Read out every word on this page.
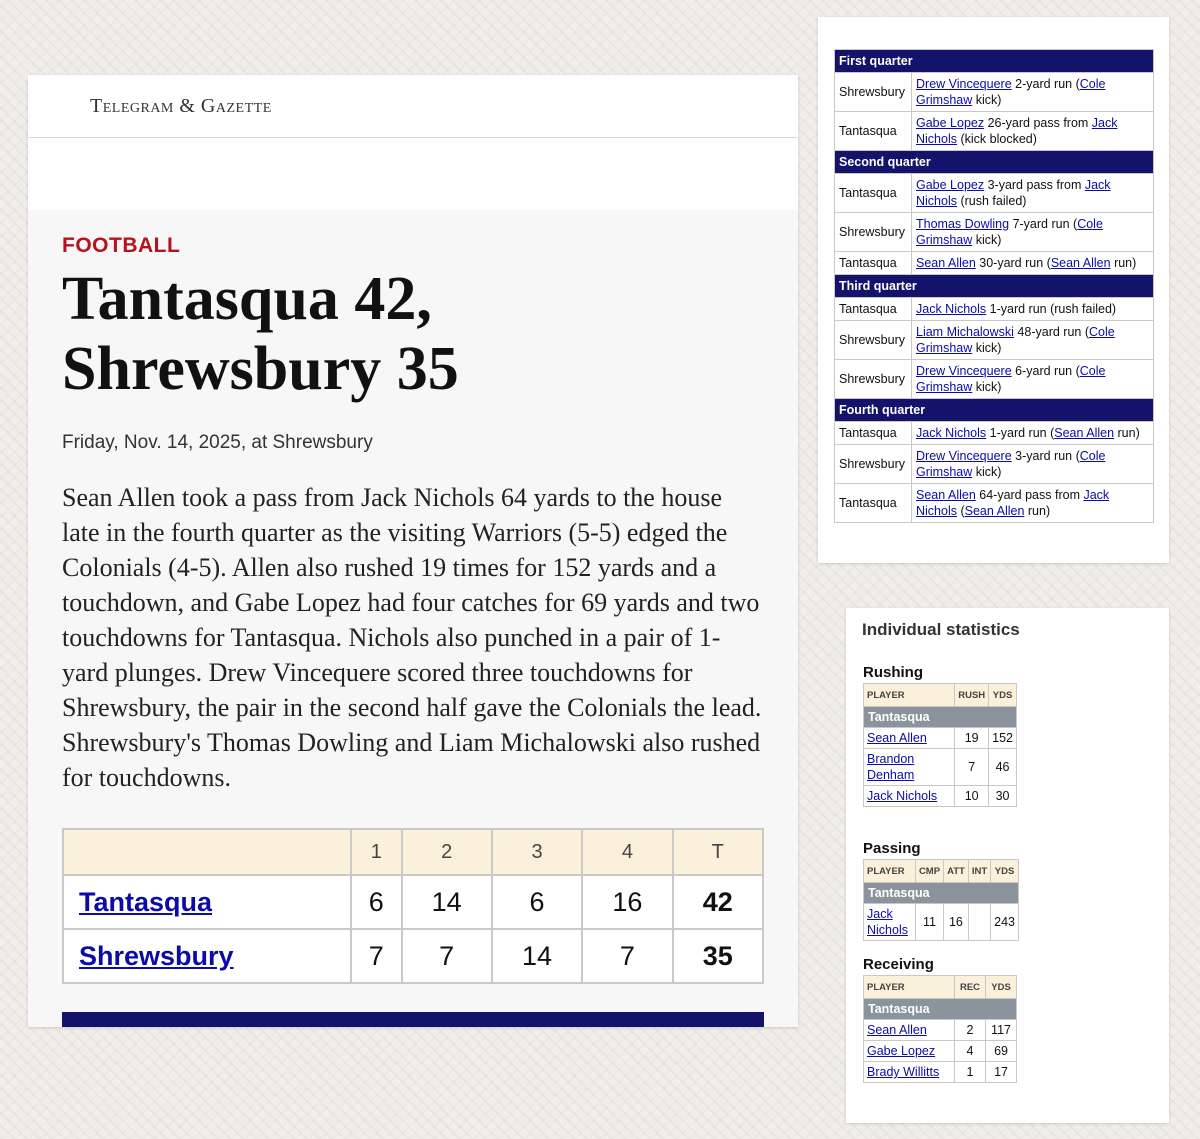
Telegram & Gazette
FOOTBALL
Tantasqua 42,
Shrewsbury 35
Friday, Nov. 14, 2025, at Shrewsbury
Sean Allen took a pass from Jack Nichols 64 yards to the house late in the fourth quarter as the visiting Warriors (5-5) edged the Colonials (4-5). Allen also rushed 19 times for 152 yards and a touchdown, and Gabe Lopez had four catches for 69 yards and two touchdowns for Tantasqua. Nichols also punched in a pair of 1-yard plunges. Drew Vincequere scored three touchdowns for Shrewsbury, the pair in the second half gave the Colonials the lead. Shrewsbury's Thomas Dowling and Liam Michalowski also rushed for touchdowns.
	1	2	3	4	T
Tantasqua	6	14	6	16	42
Shrewsbury	7	7	14	7	35
First quarter	
Shrewsbury	Drew Vincequere 2-yard run (Cole Grimshaw kick)
Tantasqua	Gabe Lopez 26-yard pass from Jack Nichols (kick blocked)
Second quarter	
Tantasqua	Gabe Lopez 3-yard pass from Jack Nichols (rush failed)
Shrewsbury	Thomas Dowling 7-yard run (Cole Grimshaw kick)
Tantasqua	Sean Allen 30-yard run (Sean Allen run)
Third quarter	
Tantasqua	Jack Nichols 1-yard run (rush failed)
Shrewsbury	Liam Michalowski 48-yard run (Cole Grimshaw kick)
Shrewsbury	Drew Vincequere 6-yard run (Cole Grimshaw kick)
Fourth quarter	
Tantasqua	Jack Nichols 1-yard run (Sean Allen run)
Shrewsbury	Drew Vincequere 3-yard run (Cole Grimshaw kick)
Tantasqua	Sean Allen 64-yard pass from Jack Nichols (Sean Allen run)
Individual statistics
Rushing
PLAYER	RUSH	YDS
Tantasqua		
Sean Allen	19	152
Brandon Denham	7	46
Jack Nichols	10	30
Passing
PLAYER	CMP	ATT	INT	YDS
Tantasqua				
Jack Nichols	11	16		243
Receiving
PLAYER	REC	YDS
Tantasqua		
Sean Allen	2	117
Gabe Lopez	4	69
Brady Willitts	1	17
